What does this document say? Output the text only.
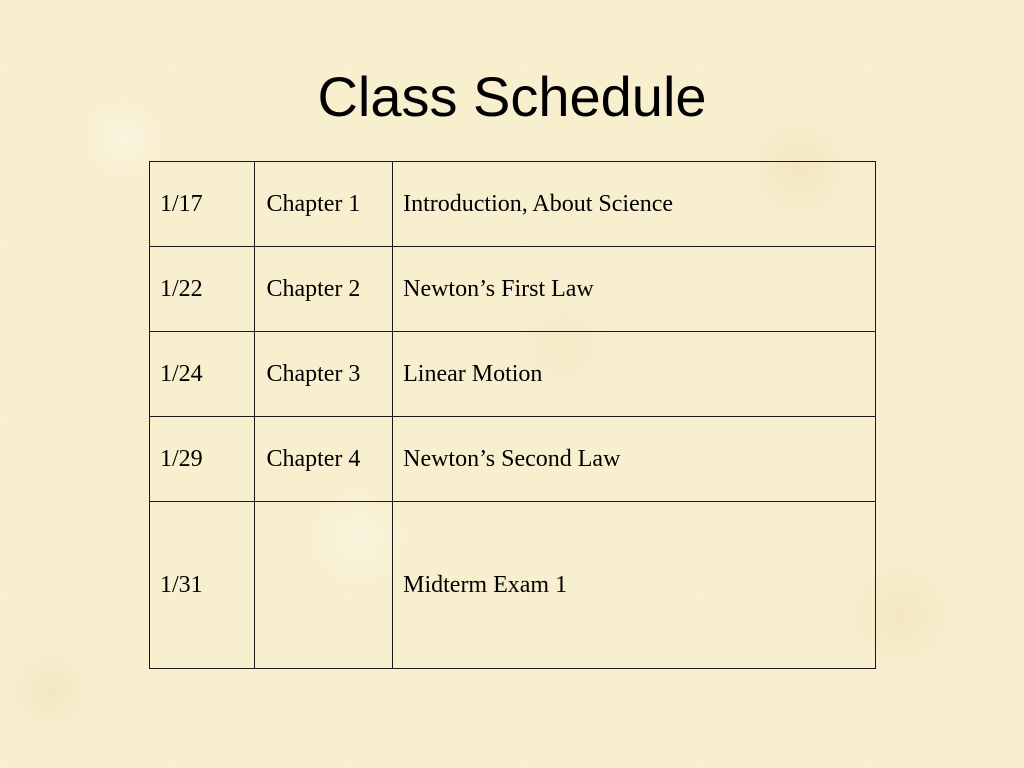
Class Schedule
1/17	Chapter 1	Introduction, About Science
1/22	Chapter 2	Newton’s First Law
1/24	Chapter 3	Linear Motion
1/29	Chapter 4	Newton’s Second Law
1/31		Midterm Exam 1
